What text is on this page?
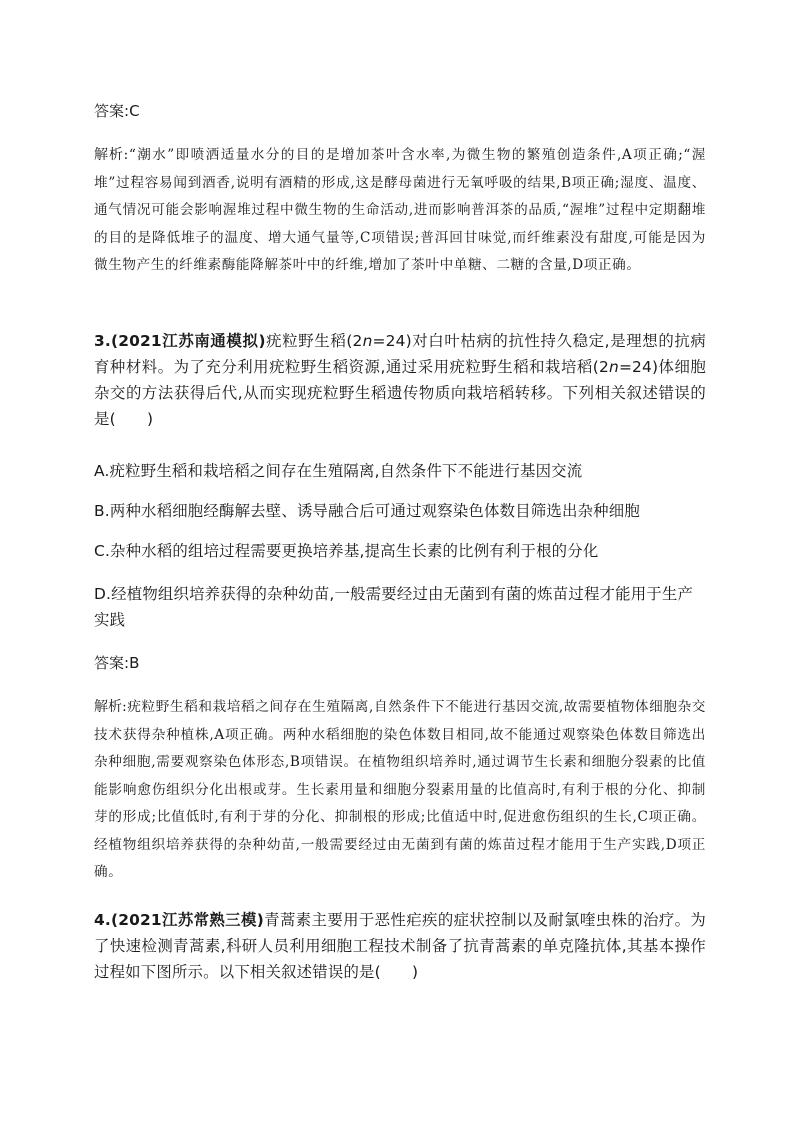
答案:C
解析:“潮水”即喷洒适量水分的目的是增加茶叶含水率,为微生物的繁殖创造条件,A项正确;“渥堆”过程容易闻到酒香,说明有酒精的形成,这是酵母菌进行无氧呼吸的结果,B项正确;湿度、温度、通气情况可能会影响渥堆过程中微生物的生命活动,进而影响普洱茶的品质,“渥堆”过程中定期翻堆的目的是降低堆子的温度、增大通气量等,C项错误;普洱回甘味觉,而纤维素没有甜度,可能是因为微生物产生的纤维素酶能降解茶叶中的纤维,增加了茶叶中单糖、二糖的含量,D项正确。
3.(2021江苏南通模拟)疣粒野生稻(2n=24)对白叶枯病的抗性持久稳定,是理想的抗病育种材料。为了充分利用疣粒野生稻资源,通过采用疣粒野生稻和栽培稻(2n=24)体细胞杂交的方法获得后代,从而实现疣粒野生稻遗传物质向栽培稻转移。下列相关叙述错误的是(　　)
A.疣粒野生稻和栽培稻之间存在生殖隔离,自然条件下不能进行基因交流
B.两种水稻细胞经酶解去壁、诱导融合后可通过观察染色体数目筛选出杂种细胞
C.杂种水稻的组培过程需要更换培养基,提高生长素的比例有利于根的分化
D.经植物组织培养获得的杂种幼苗,一般需要经过由无菌到有菌的炼苗过程才能用于生产实践
答案:B
解析:疣粒野生稻和栽培稻之间存在生殖隔离,自然条件下不能进行基因交流,故需要植物体细胞杂交技术获得杂种植株,A项正确。两种水稻细胞的染色体数目相同,故不能通过观察染色体数目筛选出杂种细胞,需要观察染色体形态,B项错误。在植物组织培养时,通过调节生长素和细胞分裂素的比值能影响愈伤组织分化出根或芽。生长素用量和细胞分裂素用量的比值高时,有利于根的分化、抑制芽的形成;比值低时,有利于芽的分化、抑制根的形成;比值适中时,促进愈伤组织的生长,C项正确。经植物组织培养获得的杂种幼苗,一般需要经过由无菌到有菌的炼苗过程才能用于生产实践,D项正确。
4.(2021江苏常熟三模)青蒿素主要用于恶性疟疾的症状控制以及耐氯喹虫株的治疗。为了快速检测青蒿素,科研人员利用细胞工程技术制备了抗青蒿素的单克隆抗体,其基本操作过程如下图所示。以下相关叙述错误的是(　　)
